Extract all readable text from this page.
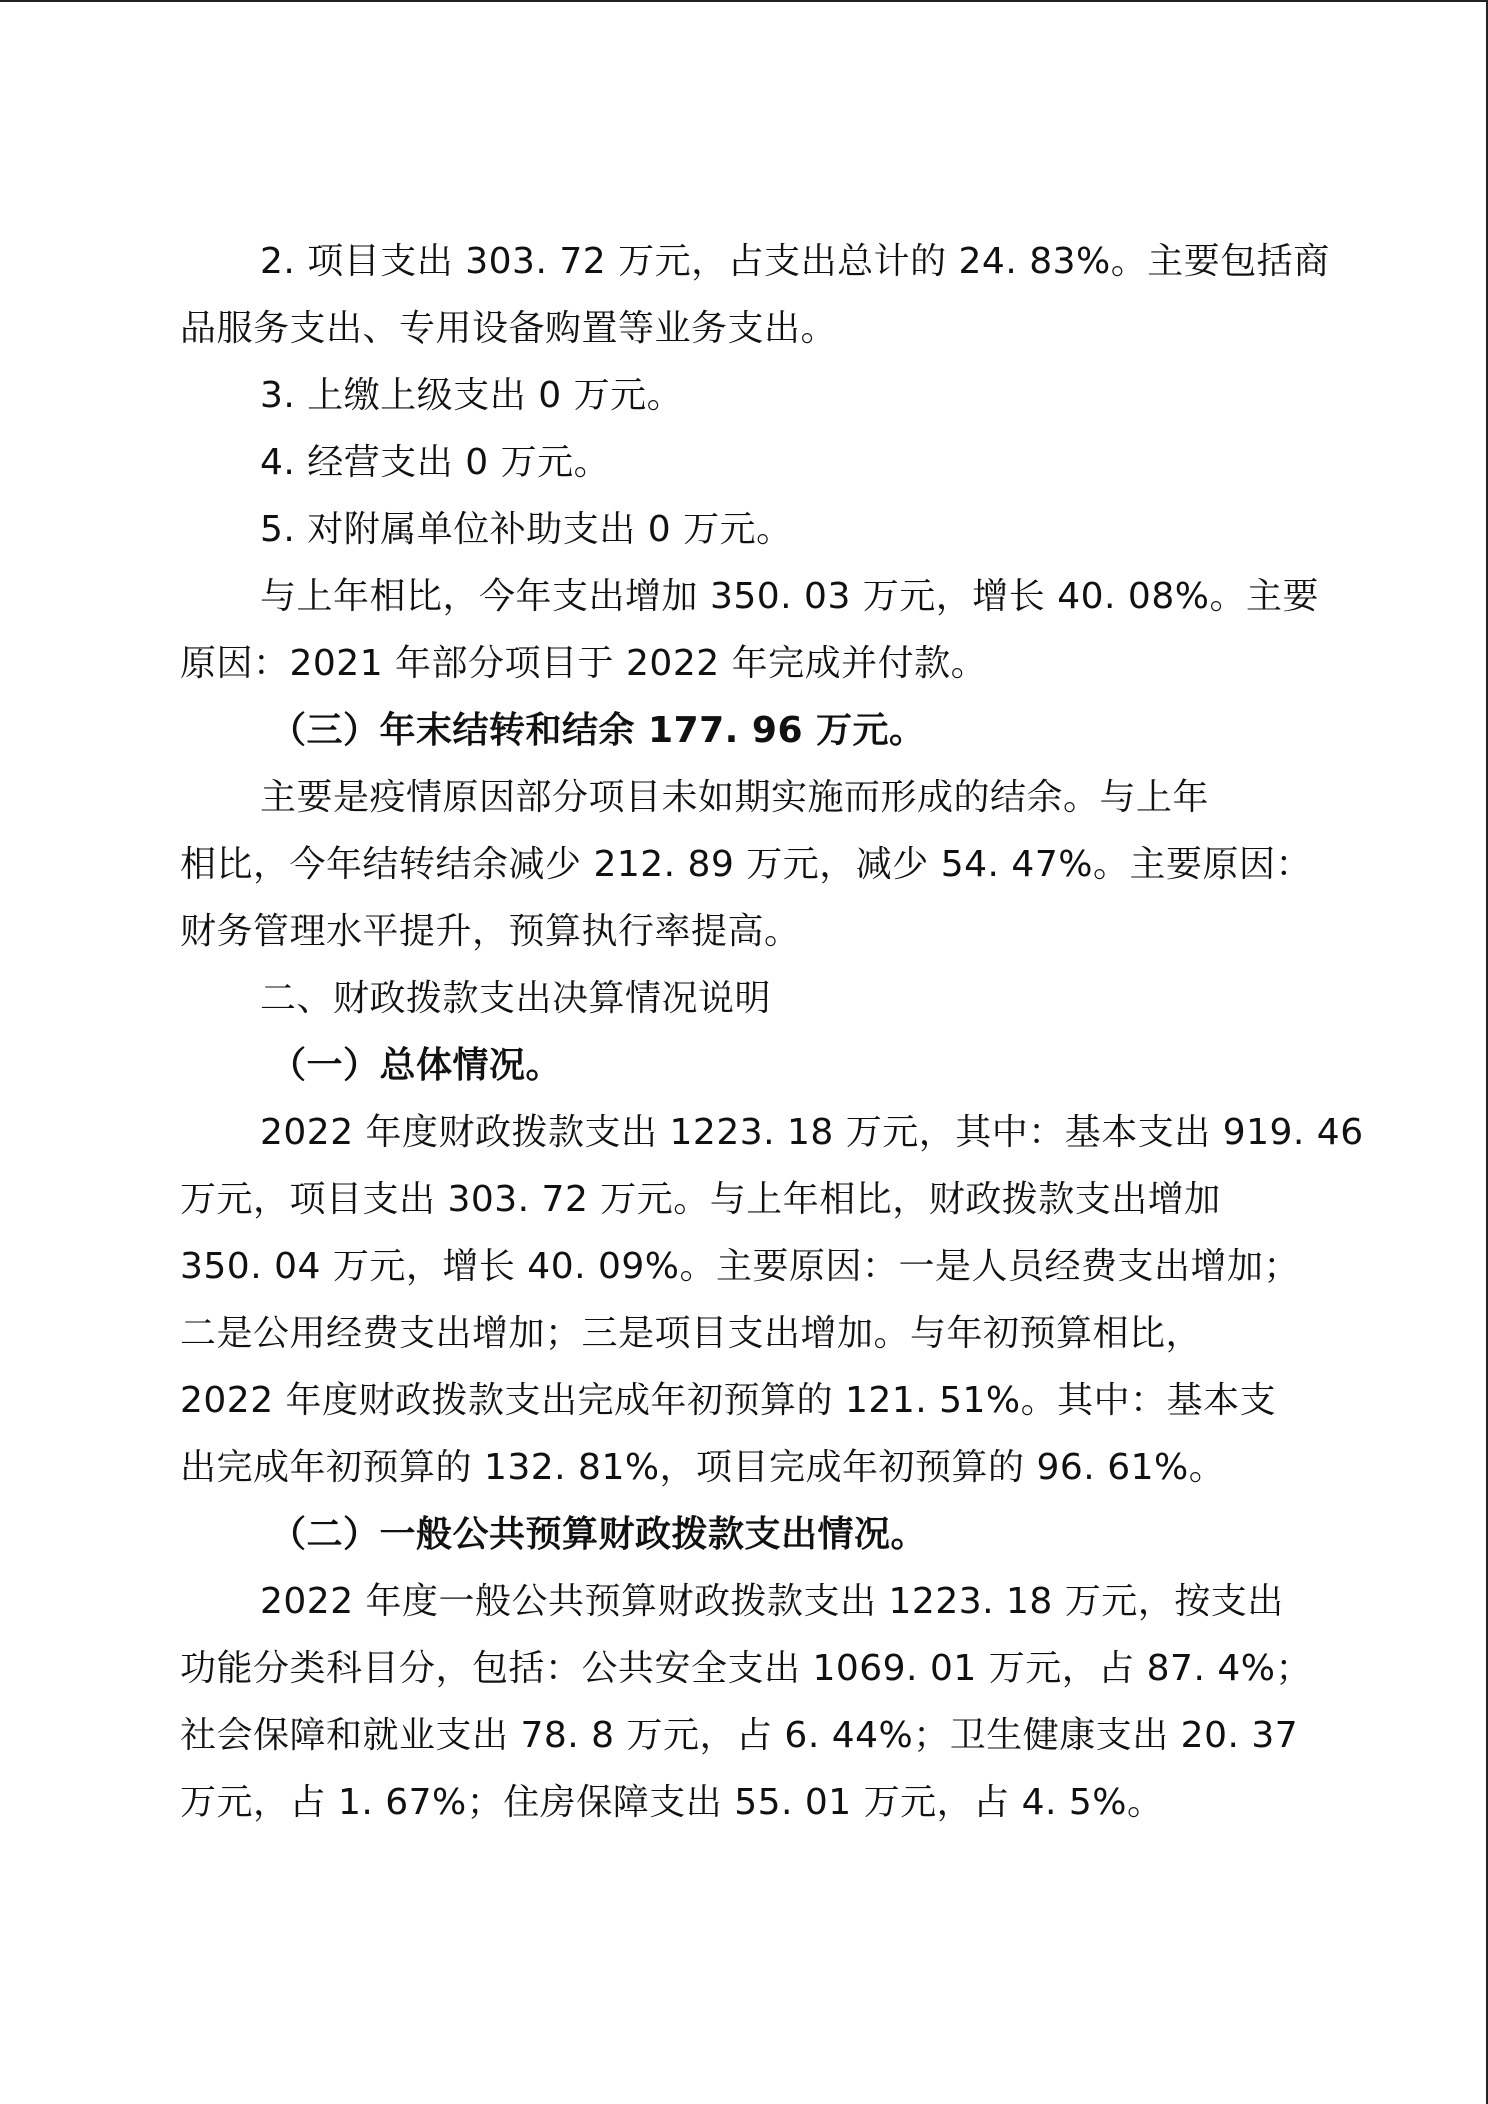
2. 项目支出 303. 72 万元，占支出总计的 24. 83%。主要包括商

品服务支出、专用设备购置等业务支出。

3. 上缴上级支出 0 万元。

4. 经营支出 0 万元。

5. 对附属单位补助支出 0 万元。

与上年相比，今年支出增加 350. 03 万元，增长 40. 08%。主要

原因：2021 年部分项目于 2022 年完成并付款。

（三）年末结转和结余 177. 96 万元。

主要是疫情原因部分项目未如期实施而形成的结余。与上年

相比，今年结转结余减少 212. 89 万元，减少 54. 47%。主要原因：

财务管理水平提升，预算执行率提高。

二、财政拨款支出决算情况说明

（一）总体情况。

2022 年度财政拨款支出 1223. 18 万元，其中：基本支出 919. 46

万元，项目支出 303. 72 万元。与上年相比，财政拨款支出增加

350. 04 万元，增长 40. 09%。主要原因：一是人员经费支出增加；

二是公用经费支出增加；三是项目支出增加。与年初预算相比，

2022 年度财政拨款支出完成年初预算的 121. 51%。其中：基本支

出完成年初预算的 132. 81%，项目完成年初预算的 96. 61%。

（二）一般公共预算财政拨款支出情况。

2022 年度一般公共预算财政拨款支出 1223. 18 万元，按支出

功能分类科目分，包括：公共安全支出 1069. 01 万元，占 87. 4%；

社会保障和就业支出 78. 8 万元，占 6. 44%；卫生健康支出 20. 37

万元，占 1. 67%；住房保障支出 55. 01 万元，占 4. 5%。
